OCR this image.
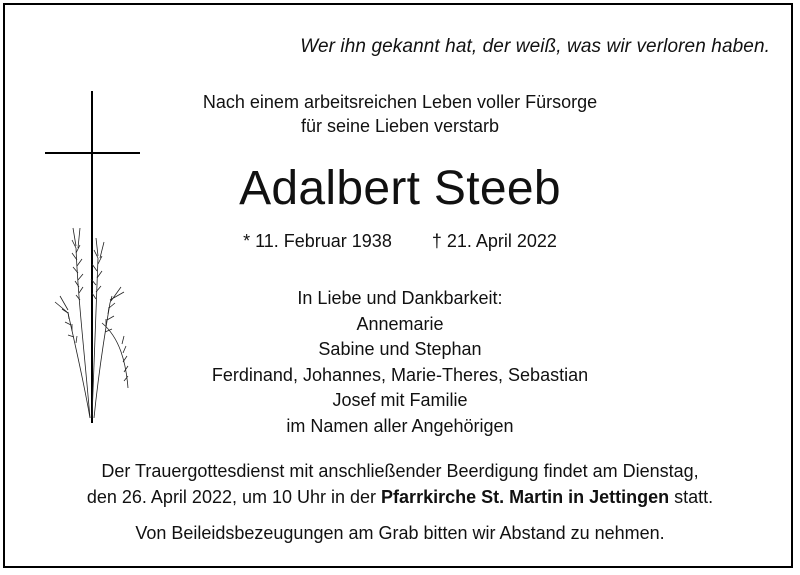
Wer ihn gekannt hat, der weiß, was wir verloren haben.
Nach einem arbeitsreichen Leben voller Fürsorge
für seine Lieben verstarb
Adalbert Steeb
* 11. Februar 1938 † 21. April 2022
In Liebe und Dankbarkeit:
Annemarie
Sabine und Stephan
Ferdinand, Johannes, Marie-Theres, Sebastian
Josef mit Familie
im Namen aller Angehörigen
Der Trauergottesdienst mit anschließender Beerdigung findet am Dienstag,
den 26. April 2022, um 10 Uhr in der Pfarrkirche St. Martin in Jettingen statt.
Von Beileidsbezeugungen am Grab bitten wir Abstand zu nehmen.
